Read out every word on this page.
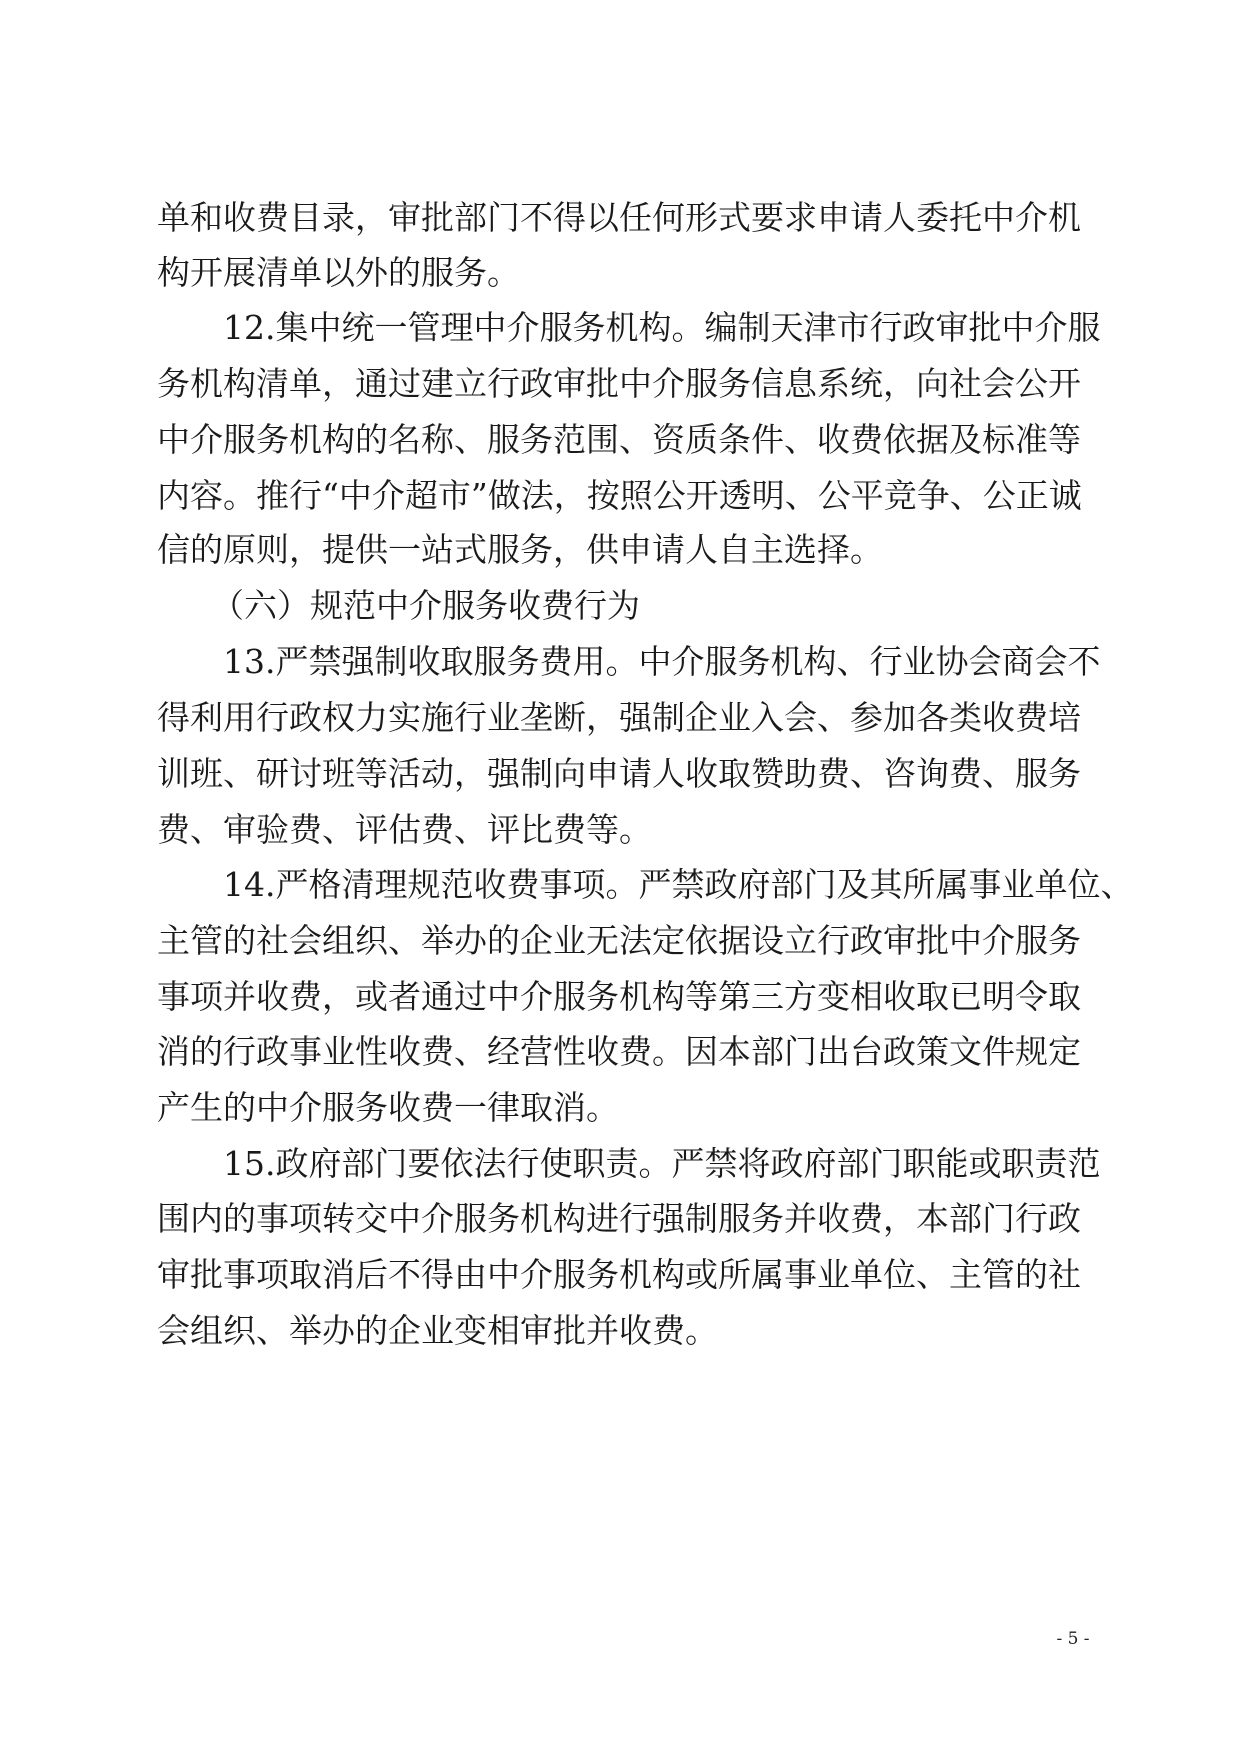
单和收费目录，审批部门不得以任何形式要求申请人委托中介机
构开展清单以外的服务。
12.集中统一管理中介服务机构。编制天津市行政审批中介服
务机构清单，通过建立行政审批中介服务信息系统，向社会公开
中介服务机构的名称、服务范围、资质条件、收费依据及标准等
内容。推行“中介超市”做法，按照公开透明、公平竞争、公正诚
信的原则，提供一站式服务，供申请人自主选择。
（六）规范中介服务收费行为
13.严禁强制收取服务费用。中介服务机构、行业协会商会不
得利用行政权力实施行业垄断，强制企业入会、参加各类收费培
训班、研讨班等活动，强制向申请人收取赞助费、咨询费、服务
费、审验费、评估费、评比费等。
14.严格清理规范收费事项。严禁政府部门及其所属事业单位、
主管的社会组织、举办的企业无法定依据设立行政审批中介服务
事项并收费，或者通过中介服务机构等第三方变相收取已明令取
消的行政事业性收费、经营性收费。因本部门出台政策文件规定
产生的中介服务收费一律取消。
15.政府部门要依法行使职责。严禁将政府部门职能或职责范
围内的事项转交中介服务机构进行强制服务并收费，本部门行政
审批事项取消后不得由中介服务机构或所属事业单位、主管的社
会组织、举办的企业变相审批并收费。
- 5 -
